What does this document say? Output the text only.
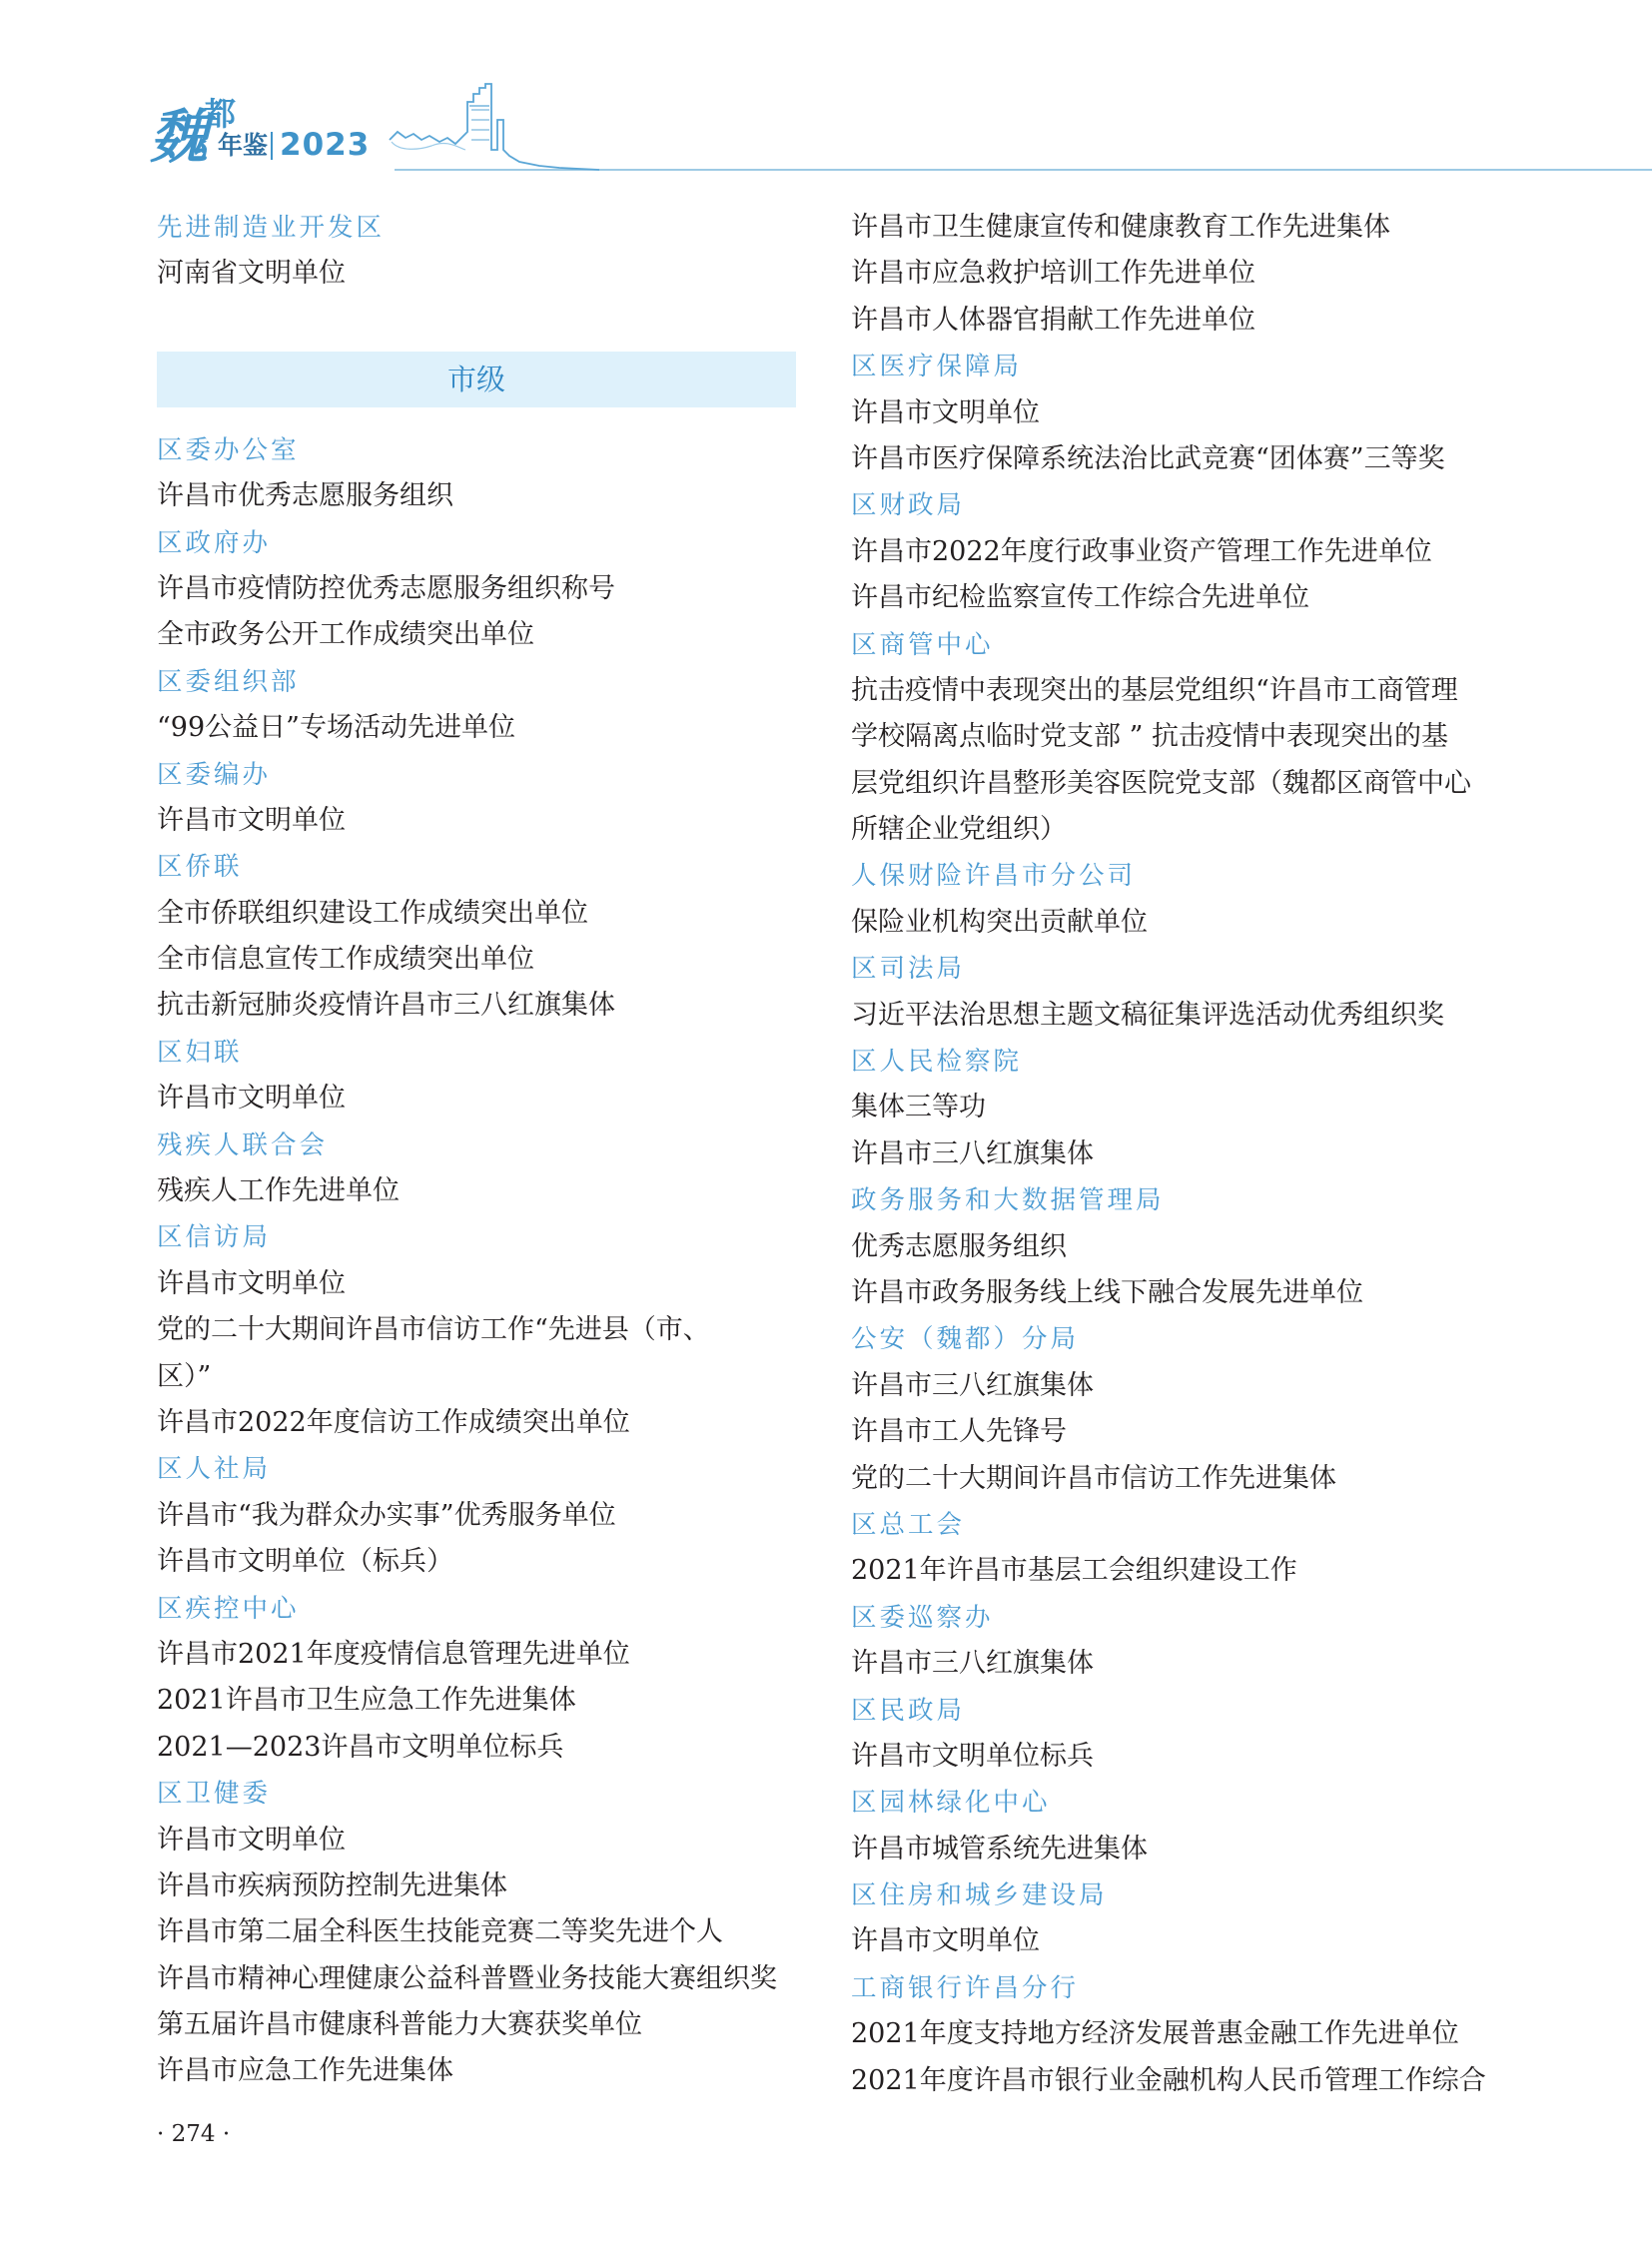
魏
都
年鉴 2023
先进制造业开发区
河南省文明单位
市级
区委办公室
许昌市优秀志愿服务组织
区政府办
许昌市疫情防控优秀志愿服务组织称号
全市政务公开工作成绩突出单位
区委组织部
“99公益日”专场活动先进单位
区委编办
许昌市文明单位
区侨联
全市侨联组织建设工作成绩突出单位
全市信息宣传工作成绩突出单位
抗击新冠肺炎疫情许昌市三八红旗集体
区妇联
许昌市文明单位
残疾人联合会
残疾人工作先进单位
区信访局
许昌市文明单位
党的二十大期间许昌市信访工作“先进县（市、
区）”
许昌市2022年度信访工作成绩突出单位
区人社局
许昌市“我为群众办实事”优秀服务单位
许昌市文明单位（标兵）
区疾控中心
许昌市2021年度疫情信息管理先进单位
2021许昌市卫生应急工作先进集体
2021—2023许昌市文明单位标兵
区卫健委
许昌市文明单位
许昌市疾病预防控制先进集体
许昌市第二届全科医生技能竞赛二等奖先进个人
许昌市精神心理健康公益科普暨业务技能大赛组织奖
第五届许昌市健康科普能力大赛获奖单位
许昌市应急工作先进集体
许昌市卫生健康宣传和健康教育工作先进集体
许昌市应急救护培训工作先进单位
许昌市人体器官捐献工作先进单位
区医疗保障局
许昌市文明单位
许昌市医疗保障系统法治比武竞赛“团体赛”三等奖
区财政局
许昌市2022年度行政事业资产管理工作先进单位
许昌市纪检监察宣传工作综合先进单位
区商管中心
抗击疫情中表现突出的基层党组织“许昌市工商管理
学校隔离点临时党支部 ” 抗击疫情中表现突出的基
层党组织许昌整形美容医院党支部（魏都区商管中心
所辖企业党组织）
人保财险许昌市分公司
保险业机构突出贡献单位
区司法局
习近平法治思想主题文稿征集评选活动优秀组织奖
区人民检察院
集体三等功
许昌市三八红旗集体
政务服务和大数据管理局
优秀志愿服务组织
许昌市政务服务线上线下融合发展先进单位
公安（魏都）分局
许昌市三八红旗集体
许昌市工人先锋号
党的二十大期间许昌市信访工作先进集体
区总工会
2021年许昌市基层工会组织建设工作
区委巡察办
许昌市三八红旗集体
区民政局
许昌市文明单位标兵
区园林绿化中心
许昌市城管系统先进集体
区住房和城乡建设局
许昌市文明单位
工商银行许昌分行
2021年度支持地方经济发展普惠金融工作先进单位
2021年度许昌市银行业金融机构人民币管理工作综合
· 274 ·
